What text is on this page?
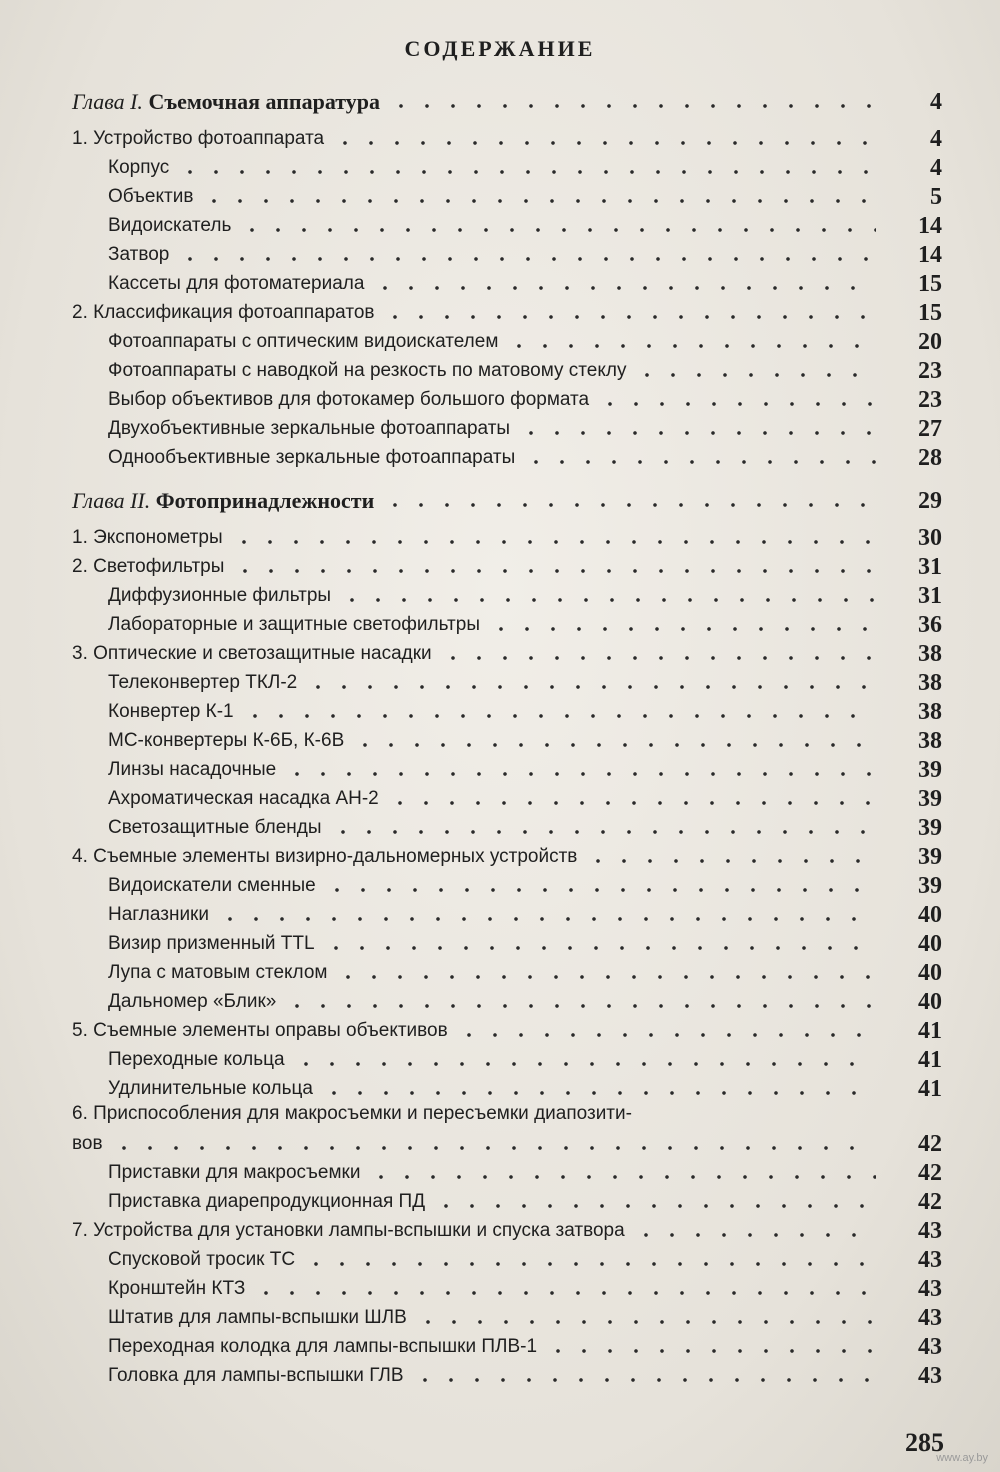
СОДЕРЖАНИЕ
Глава I. Съемочная аппаратура	4
1. Устройство фотоаппарата	4
Корпус	4
Объектив	5
Видоискатель	14
Затвор	14
Кассеты для фотоматериала	15
2. Классификация фотоаппаратов	15
Фотоаппараты с оптическим видоискателем	20
Фотоаппараты с наводкой на резкость по матовому стеклу	23
Выбор объективов для фотокамер большого формата	23
Двухобъективные зеркальные фотоаппараты	27
Однообъективные зеркальные фотоаппараты	28
Глава II. Фотопринадлежности	29
1. Экспонометры	30
2. Светофильтры	31
Диффузионные фильтры	31
Лабораторные и защитные светофильтры	36
3. Оптические и светозащитные насадки	38
Телеконвертер ТКЛ-2	38
Конвертер К-1	38
МС-конвертеры К-6Б, К-6В	38
Линзы насадочные	39
Ахроматическая насадка АН-2	39
Светозащитные бленды	39
4. Съемные элементы визирно-дальномерных устройств	39
Видоискатели сменные	39
Наглазники	40
Визир призменный TTL	40
Лупа с матовым стеклом	40
Дальномер «Блик»	40
5. Съемные элементы оправы объективов	41
Переходные кольца	41
Удлинительные кольца	41
6. Приспособления для макросъемки и пересъемки диапозити-
вов	42
Приставки для макросъемки	42
Приставка диарепродукционная ПД	42
7. Устройства для установки лампы-вспышки и спуска затвора	43
Спусковой тросик ТС	43
Кронштейн КТЗ	43
Штатив для лампы-вспышки ШЛВ	43
Переходная колодка для лампы-вспышки ПЛВ-1	43
Головка для лампы-вспышки ГЛВ	43
285
www.ay.by
